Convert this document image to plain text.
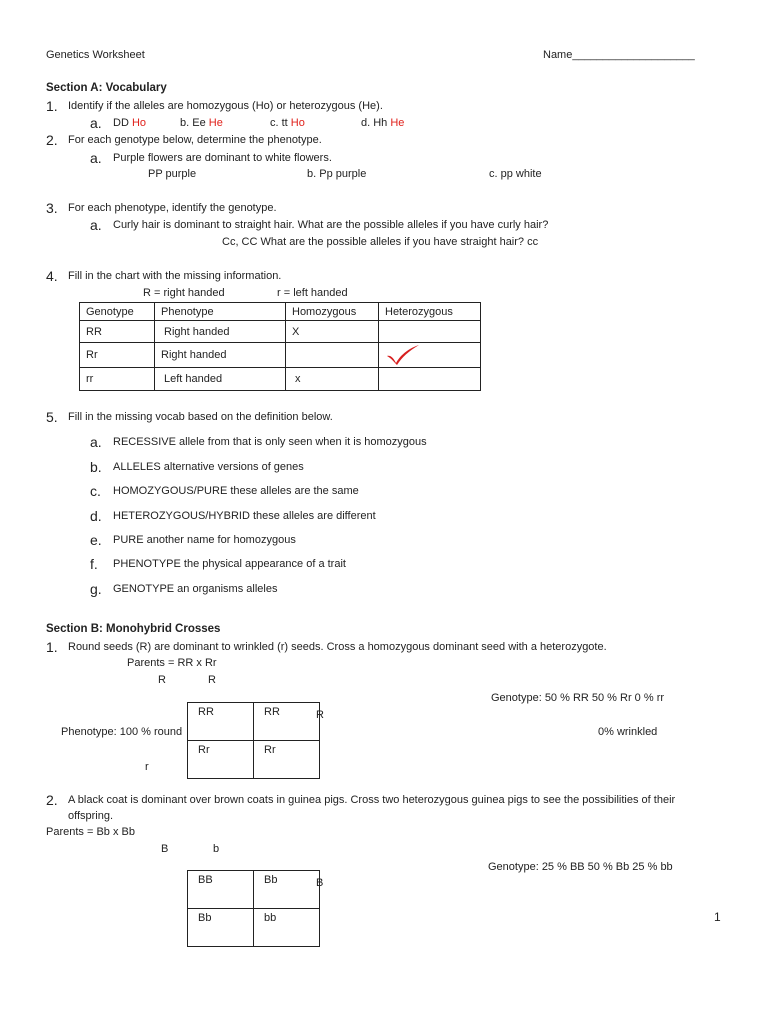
Genetics Worksheet	Name____________________
Section A: Vocabulary
1. Identify if the alleles are homozygous (Ho) or heterozygous (He).
a. DD Ho	b. Ee He	c. tt Ho	d. Hh He
2. For each genotype below, determine the phenotype.
a. Purple flowers are dominant to white flowers.
PP purple	b. Pp purple	c. pp white
3. For each phenotype, identify the genotype.
a. Curly hair is dominant to straight hair. What are the possible alleles if you have curly hair?
Cc, CC What are the possible alleles if you have straight hair? cc
4. Fill in the chart with the missing information.
R = right handed	r = left handed
Genotype	Phenotype	Homozygous	Heterozygous
RR	Right handed	X	
Rr	Right handed		

rr	Left handed	x	
5. Fill in the missing vocab based on the definition below.
a. RECESSIVE allele from that is only seen when it is homozygous
b. ALLELES alternative versions of genes
c. HOMOZYGOUS/PURE these alleles are the same
d. HETEROZYGOUS/HYBRID these alleles are different
e. PURE another name for homozygous
f. PHENOTYPE the physical appearance of a trait
g. GENOTYPE an organisms alleles
Section B: Monohybrid Crosses
1. Round seeds (R) are dominant to wrinkled (r) seeds. Cross a homozygous dominant seed with a heterozygote.
Parents = RR x Rr
R	R
Genotype: 50 % RR 50 % Rr 0 % rr
R
Phenotype: 100 % round	0% wrinkled
r
RR	RR
Rr	Rr
2. A black coat is dominant over brown coats in guinea pigs. Cross two heterozygous guinea pigs to see the possibilities of their
offspring.
Parents = Bb x Bb
B	b
Genotype: 25 % BB 50 % Bb 25 % bb
B
BB	Bb
Bb	bb	1
